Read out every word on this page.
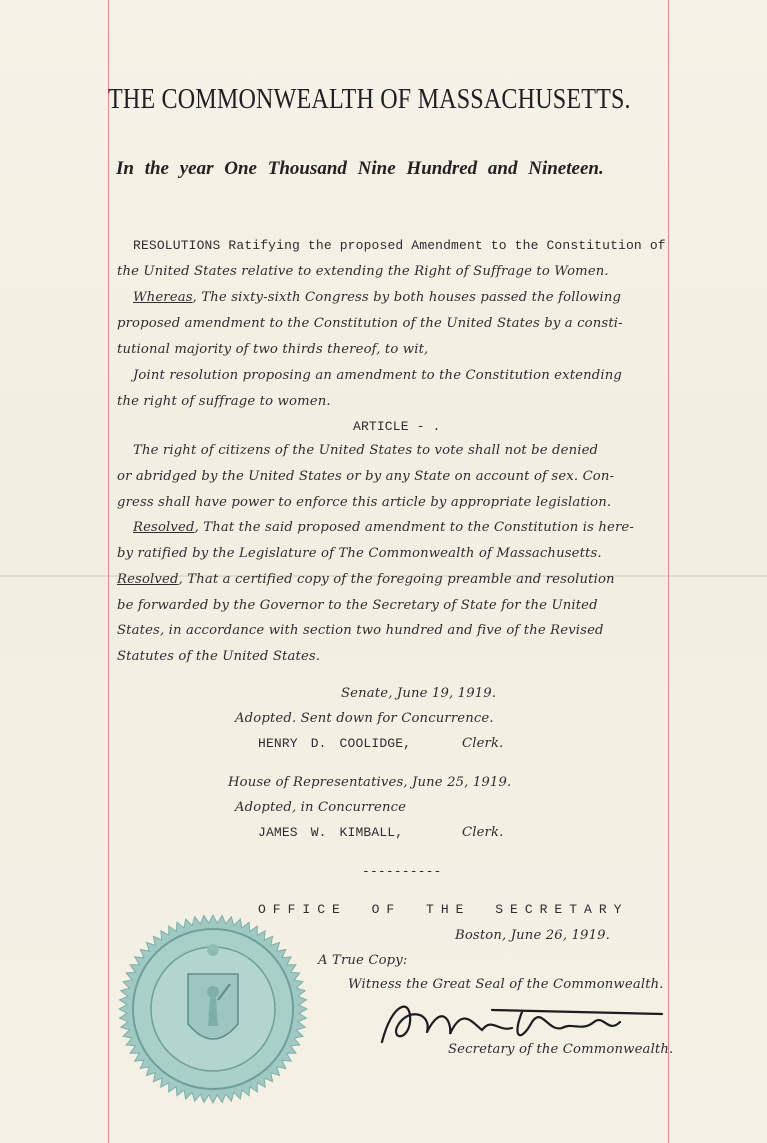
THE COMMONWEALTH OF MASSACHUSETTS.
In the year One Thousand Nine Hundred and Nineteen.
RESOLUTIONS Ratifying the proposed Amendment to the Constitution of
the United States relative to extending the Right of Suffrage to Women.
Whereas, The sixty-sixth Congress by both houses passed the following
proposed amendment to the Constitution of the United States by a consti-
tutional majority of two thirds thereof, to wit,
Joint resolution proposing an amendment to the Constitution extending
the right of suffrage to women.
ARTICLE - .
The right of citizens of the United States to vote shall not be denied
or abridged by the United States or by any State on account of sex. Con-
gress shall have power to enforce this article by appropriate legislation.
Resolved, That the said proposed amendment to the Constitution is here-
by ratified by the Legislature of The Commonwealth of Massachusetts.
Resolved, That a certified copy of the foregoing preamble and resolution
be forwarded by the Governor to the Secretary of State for the United
States, in accordance with section two hundred and five of the Revised
Statutes of the United States.
Senate, June 19, 1919.
Adopted. Sent down for Concurrence.
HENRY D. COOLIDGE,	Clerk.
House of Representatives, June 25, 1919.
Adopted, in Concurrence
JAMES W. KIMBALL,	Clerk.
----------
OFFICE OF THE SECRETARY
Boston, June 26, 1919.
A True Copy:
Witness the Great Seal of the Commonwealth.
Secretary of the Commonwealth.
